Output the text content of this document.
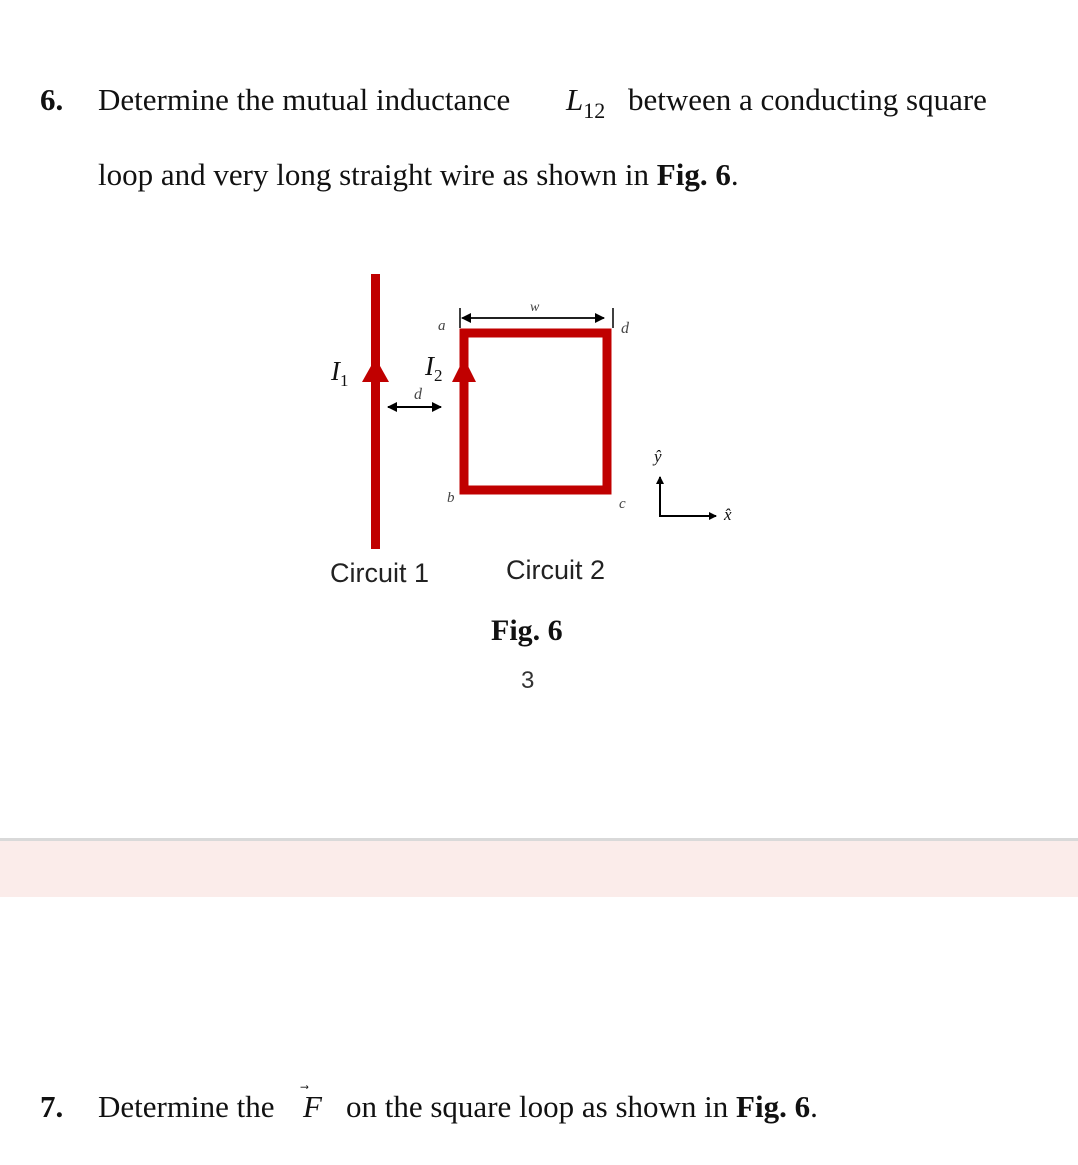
6. Determine the mutual inductance $L_{12}$ between a conducting square
loop and very long straight wire as shown in Fig. 6.
$I_1$	$I_2$
a
b	c
d
d
w
ŷ
x̂
Circuit 1	Circuit 2
Fig. 6
3
7. Determine the F on the square loop as shown in Fig. 6.
